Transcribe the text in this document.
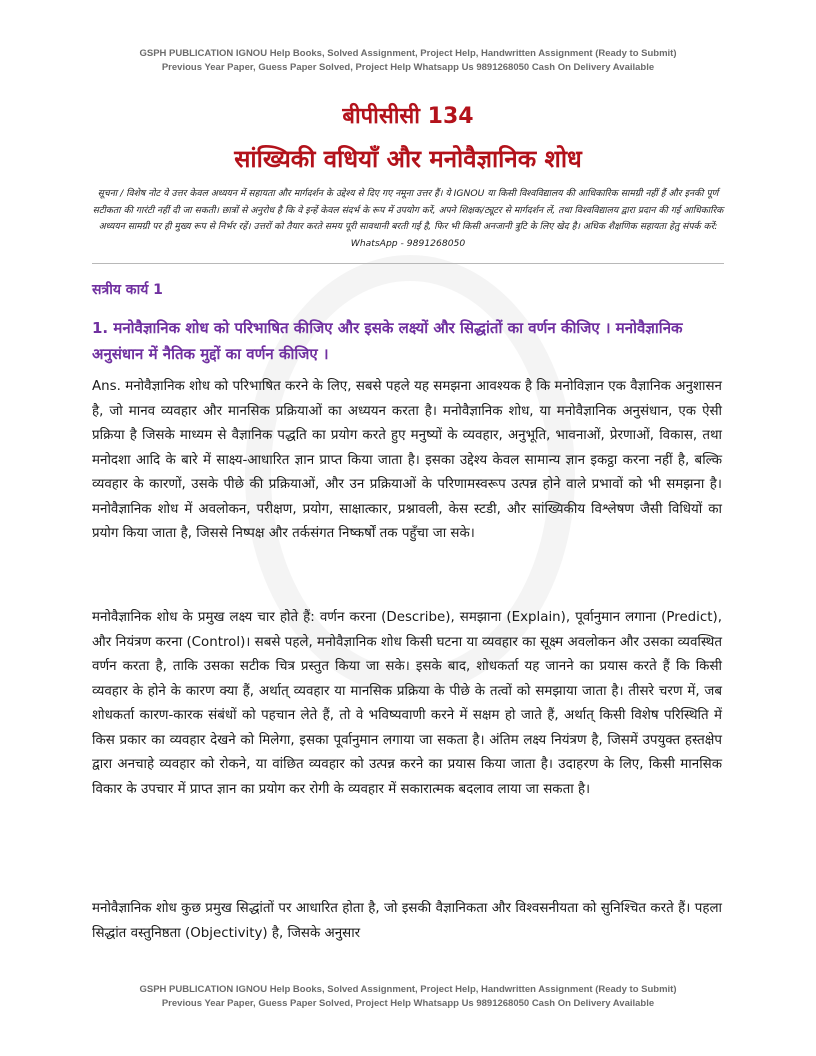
GSPH PUBLICATION IGNOU Help Books, Solved Assignment, Project Help, Handwritten Assignment (Ready to Submit)
Previous Year Paper, Guess Paper Solved, Project Help Whatsapp Us 9891268050 Cash On Delivery Available
बीपीसीसी 134
सांख्यिकी वधियाँ और मनोवैज्ञानिक शोध
सूचना / विशेष नोट ये उत्तर केवल अध्ययन में सहायता और मार्गदर्शन के उद्देश्य से दिए गए नमूना उत्तर हैं। ये IGNOU या किसी विश्वविद्यालय की आधिकारिक सामग्री नहीं हैं और इनकी पूर्ण सटीकता की गारंटी नहीं दी जा सकती। छात्रों से अनुरोध है कि वे इन्हें केवल संदर्भ के रूप में उपयोग करें, अपने शिक्षक/ट्यूटर से मार्गदर्शन लें, तथा विश्वविद्यालय द्वारा प्रदान की गई आधिकारिक अध्ययन सामग्री पर ही मुख्य रूप से निर्भर रहें। उत्तरों को तैयार करते समय पूरी सावधानी बरती गई है, फिर भी किसी अनजानी त्रुटि के लिए खेद है। अधिक शैक्षणिक सहायता हेतु संपर्क करें: WhatsApp - 9891268050
सत्रीय कार्य 1
1. मनोवैज्ञानिक शोध को परिभाषित कीजिए और इसके लक्ष्यों और सिद्धांतों का वर्णन कीजिए । मनोवैज्ञानिक अनुसंधान में नैतिक मुद्दों का वर्णन कीजिए ।

Ans. मनोवैज्ञानिक शोध को परिभाषित करने के लिए, सबसे पहले यह समझना आवश्यक है कि मनोविज्ञान एक वैज्ञानिक अनुशासन है, जो मानव व्यवहार और मानसिक प्रक्रियाओं का अध्ययन करता है। मनोवैज्ञानिक शोध, या मनोवैज्ञानिक अनुसंधान, एक ऐसी प्रक्रिया है जिसके माध्यम से वैज्ञानिक पद्धति का प्रयोग करते हुए मनुष्यों के व्यवहार, अनुभूति, भावनाओं, प्रेरणाओं, विकास, तथा मनोदशा आदि के बारे में साक्ष्य-आधारित ज्ञान प्राप्त किया जाता है। इसका उद्देश्य केवल सामान्य ज्ञान इकट्ठा करना नहीं है, बल्कि व्यवहार के कारणों, उसके पीछे की प्रक्रियाओं, और उन प्रक्रियाओं के परिणामस्वरूप उत्पन्न होने वाले प्रभावों को भी समझना है। मनोवैज्ञानिक शोध में अवलोकन, परीक्षण, प्रयोग, साक्षात्कार, प्रश्नावली, केस स्टडी, और सांख्यिकीय विश्लेषण जैसी विधियों का प्रयोग किया जाता है, जिससे निष्पक्ष और तर्कसंगत निष्कर्षों तक पहुँचा जा सके।

मनोवैज्ञानिक शोध के प्रमुख लक्ष्य चार होते हैं: वर्णन करना (Describe), समझाना (Explain), पूर्वानुमान लगाना (Predict), और नियंत्रण करना (Control)। सबसे पहले, मनोवैज्ञानिक शोध किसी घटना या व्यवहार का सूक्ष्म अवलोकन और उसका व्यवस्थित वर्णन करता है, ताकि उसका सटीक चित्र प्रस्तुत किया जा सके। इसके बाद, शोधकर्ता यह जानने का प्रयास करते हैं कि किसी व्यवहार के होने के कारण क्या हैं, अर्थात् व्यवहार या मानसिक प्रक्रिया के पीछे के तत्वों को समझाया जाता है। तीसरे चरण में, जब शोधकर्ता कारण-कारक संबंधों को पहचान लेते हैं, तो वे भविष्यवाणी करने में सक्षम हो जाते हैं, अर्थात् किसी विशेष परिस्थिति में किस प्रकार का व्यवहार देखने को मिलेगा, इसका पूर्वानुमान लगाया जा सकता है। अंतिम लक्ष्य नियंत्रण है, जिसमें उपयुक्त हस्तक्षेप द्वारा अनचाहे व्यवहार को रोकने, या वांछित व्यवहार को उत्पन्न करने का प्रयास किया जाता है। उदाहरण के लिए, किसी मानसिक विकार के उपचार में प्राप्त ज्ञान का प्रयोग कर रोगी के व्यवहार में सकारात्मक बदलाव लाया जा सकता है।

मनोवैज्ञानिक शोध कुछ प्रमुख सिद्धांतों पर आधारित होता है, जो इसकी वैज्ञानिकता और विश्वसनीयता को सुनिश्चित करते हैं। पहला सिद्धांत वस्तुनिष्ठता (Objectivity) है, जिसके अनुसार

GSPH PUBLICATION IGNOU Help Books, Solved Assignment, Project Help, Handwritten Assignment (Ready to Submit)
Previous Year Paper, Guess Paper Solved, Project Help Whatsapp Us 9891268050 Cash On Delivery Available
